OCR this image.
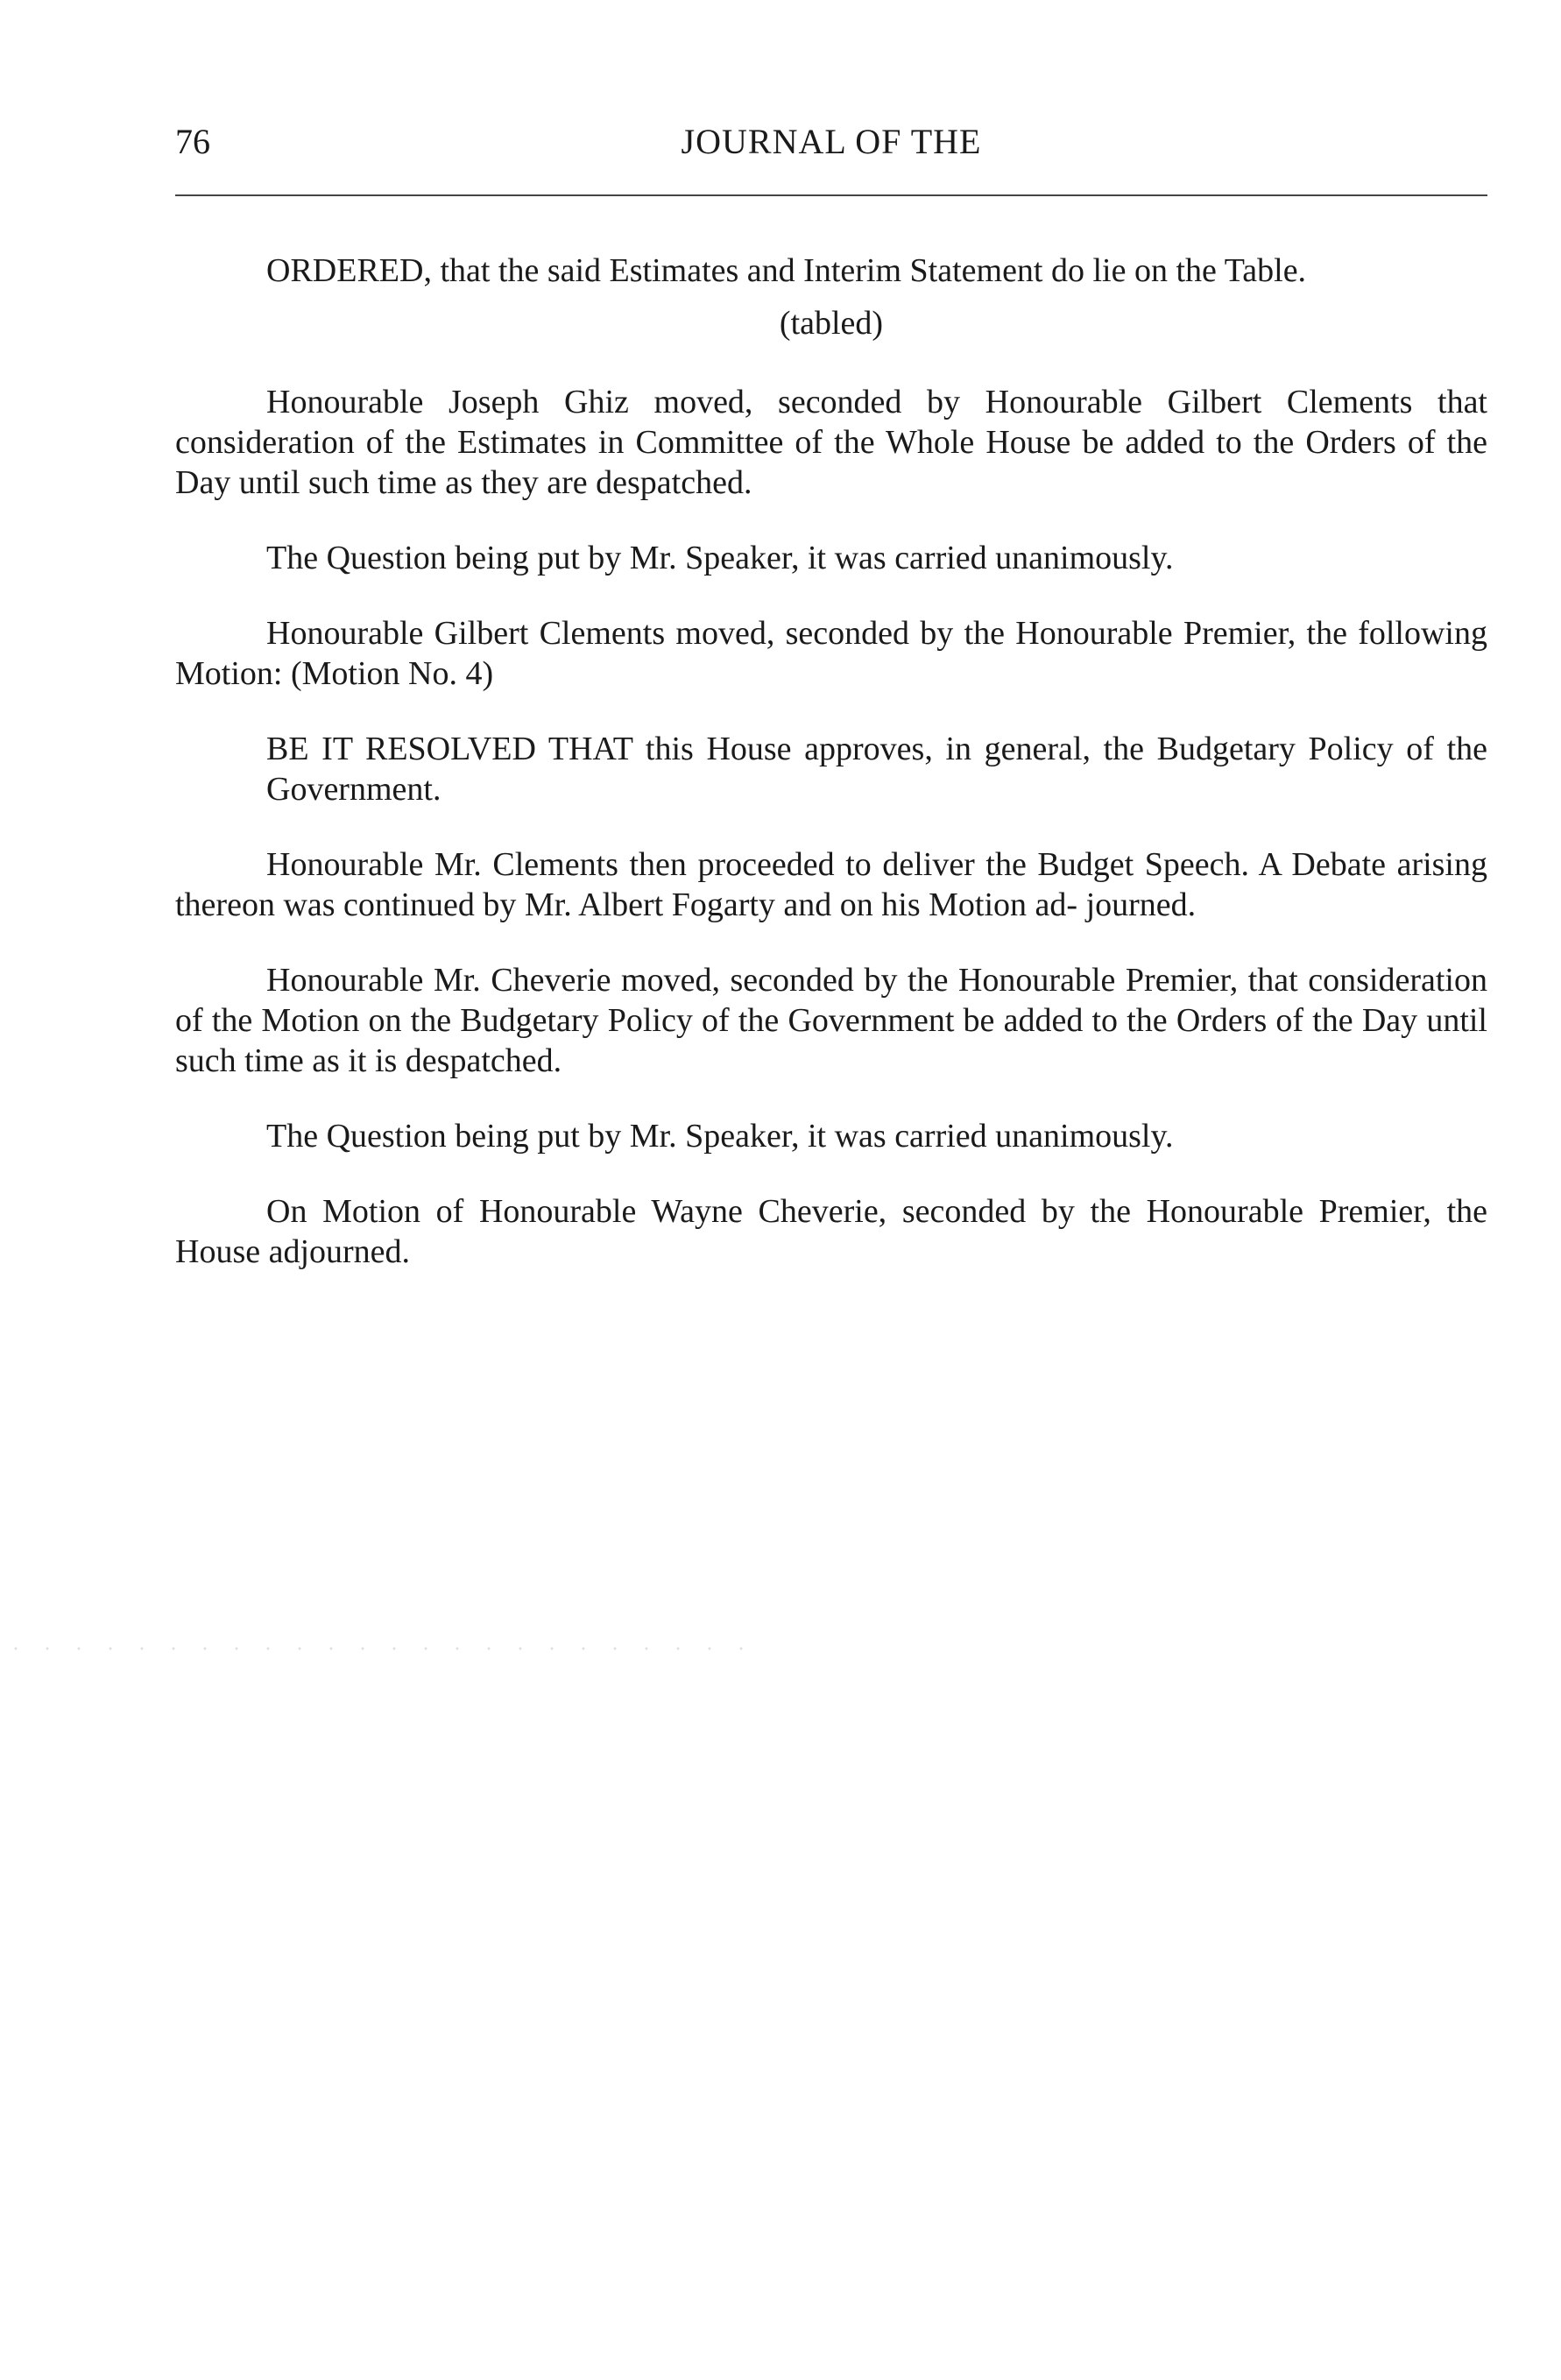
76	JOURNAL OF THE

ORDERED, that the said Estimates and Interim Statement do lie on the Table.

(tabled)

Honourable Joseph Ghiz moved, seconded by Honourable Gilbert Clements that consideration of the Estimates in Committee of the Whole House be added to the Orders of the Day until such time as they are despatched.

The Question being put by Mr. Speaker, it was carried unanimously.

Honourable Gilbert Clements moved, seconded by the Honourable Premier, the following Motion: (Motion No. 4)

BE IT RESOLVED THAT this House approves, in general, the Budgetary Policy of the Government.

Honourable Mr. Clements then proceeded to deliver the Budget Speech. A Debate arising thereon was continued by Mr. Albert Fogarty and on his Motion ad- journed.

Honourable Mr. Cheverie moved, seconded by the Honourable Premier, that consideration of the Motion on the Budgetary Policy of the Government be added to the Orders of the Day until such time as it is despatched.

The Question being put by Mr. Speaker, it was carried unanimously.

On Motion of Honourable Wayne Cheverie, seconded by the Honourable Premier, the House adjourned.
